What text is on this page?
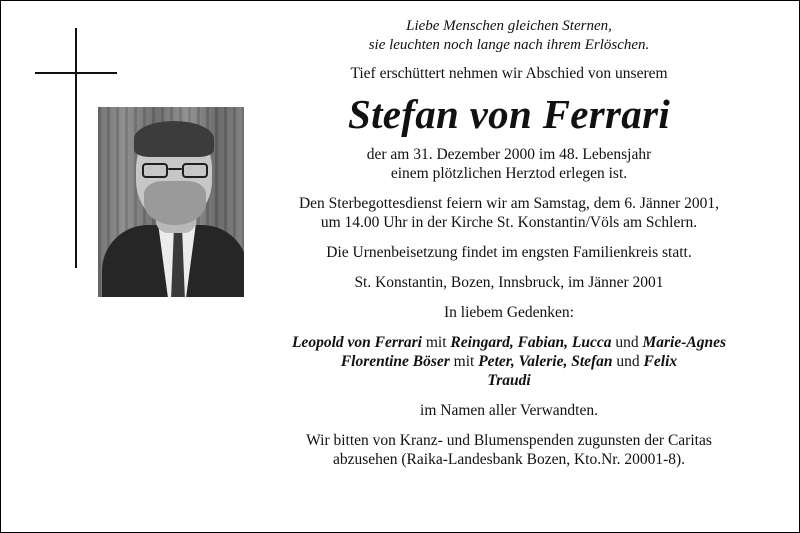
Liebe Menschen gleichen Sternen,
sie leuchten noch lange nach ihrem Erlöschen.

Tief erschüttert nehmen wir Abschied von unserem

Stefan von Ferrari

der am 31. Dezember 2000 im 48. Lebensjahr
einem plötzlichen Herztod erlegen ist.

Den Sterbegottesdienst feiern wir am Samstag, dem 6. Jänner 2001,
um 14.00 Uhr in der Kirche St. Konstantin/Völs am Schlern.

Die Urnenbeisetzung findet im engsten Familienkreis statt.

St. Konstantin, Bozen, Innsbruck, im Jänner 2001

In liebem Gedenken:

Leopold von Ferrari mit Reingard, Fabian, Lucca und Marie-Agnes
Florentine Böser mit Peter, Valerie, Stefan und Felix
Traudi

im Namen aller Verwandten.

Wir bitten von Kranz- und Blumenspenden zugunsten der Caritas
abzusehen (Raika-Landesbank Bozen, Kto.Nr. 20001-8).
